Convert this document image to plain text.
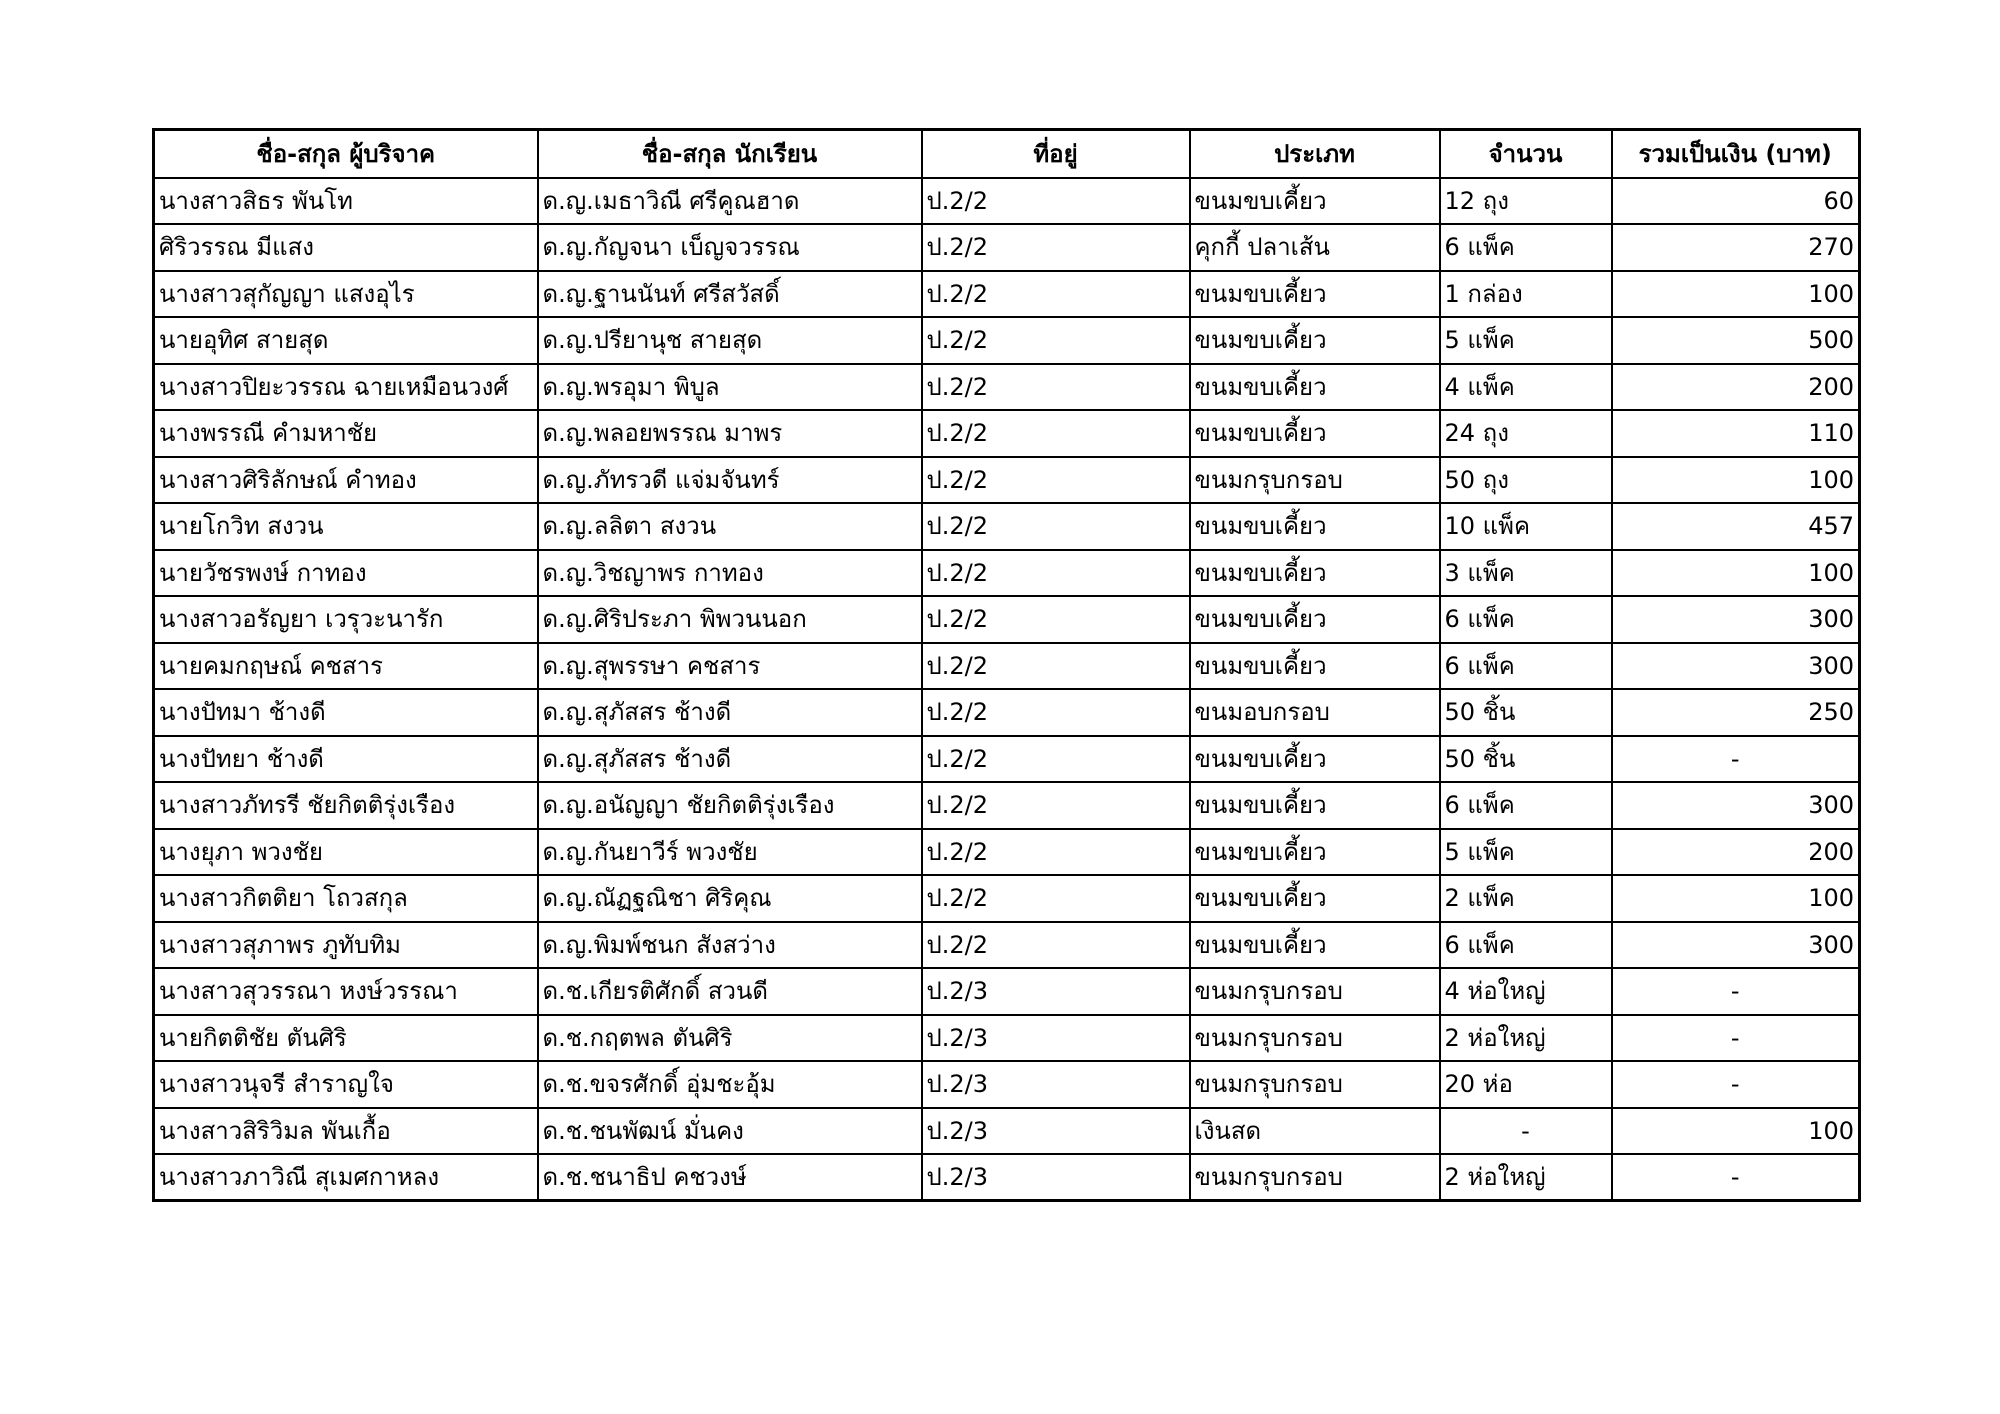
ชื่อ-สกุล ผู้บริจาค	ชื่อ-สกุล นักเรียน	ที่อยู่	ประเภท	จำนวน	รวมเป็นเงิน (บาท)
นางสาวสิธร พันโท	ด.ญ.เมธาวิณี ศรีคูณฮาด	ป.2/2	ขนมขบเคี้ยว	12 ถุง	60
ศิริวรรณ มีแสง	ด.ญ.กัญจนา เบ็ญจวรรณ	ป.2/2	คุกกี้ ปลาเส้น	6 แพ็ค	270
นางสาวสุกัญญา แสงอุไร	ด.ญ.ฐานนันท์ ศรีสวัสดิ์	ป.2/2	ขนมขบเคี้ยว	1 กล่อง	100
นายอุทิศ สายสุด	ด.ญ.ปรียานุช สายสุด	ป.2/2	ขนมขบเคี้ยว	5 แพ็ค	500
นางสาวปิยะวรรณ ฉายเหมือนวงศ์	ด.ญ.พรอุมา พิบูล	ป.2/2	ขนมขบเคี้ยว	4 แพ็ค	200
นางพรรณี คำมหาชัย	ด.ญ.พลอยพรรณ มาพร	ป.2/2	ขนมขบเคี้ยว	24 ถุง	110
นางสาวศิริลักษณ์ คำทอง	ด.ญ.ภัทรวดี แจ่มจันทร์	ป.2/2	ขนมกรุบกรอบ	50 ถุง	100
นายโกวิท สงวน	ด.ญ.ลลิตา สงวน	ป.2/2	ขนมขบเคี้ยว	10 แพ็ค	457
นายวัชรพงษ์ กาทอง	ด.ญ.วิชญาพร กาทอง	ป.2/2	ขนมขบเคี้ยว	3 แพ็ค	100
นางสาวอรัญยา เวรุวะนารัก	ด.ญ.ศิริประภา พิพวนนอก	ป.2/2	ขนมขบเคี้ยว	6 แพ็ค	300
นายคมกฤษณ์ คชสาร	ด.ญ.สุพรรษา คชสาร	ป.2/2	ขนมขบเคี้ยว	6 แพ็ค	300
นางปัทมา ช้างดี	ด.ญ.สุภัสสร ช้างดี	ป.2/2	ขนมอบกรอบ	50 ชิ้น	250
นางปัทยา ช้างดี	ด.ญ.สุภัสสร ช้างดี	ป.2/2	ขนมขบเคี้ยว	50 ชิ้น	-
นางสาวภัทรรี ชัยกิตติรุ่งเรือง	ด.ญ.อนัญญา ชัยกิตติรุ่งเรือง	ป.2/2	ขนมขบเคี้ยว	6 แพ็ค	300
นางยุภา พวงชัย	ด.ญ.กันยาวีร์ พวงชัย	ป.2/2	ขนมขบเคี้ยว	5 แพ็ค	200
นางสาวกิตติยา โถวสกุล	ด.ญ.ณัฏฐณิชา ศิริคุณ	ป.2/2	ขนมขบเคี้ยว	2 แพ็ค	100
นางสาวสุภาพร ภูทับทิม	ด.ญ.พิมพ์ชนก สังสว่าง	ป.2/2	ขนมขบเคี้ยว	6 แพ็ค	300
นางสาวสุวรรณา หงษ์วรรณา	ด.ช.เกียรติศักดิ์ สวนดี	ป.2/3	ขนมกรุบกรอบ	4 ห่อใหญ่	-
นายกิตติชัย ตันศิริ	ด.ช.กฤตพล ตันศิริ	ป.2/3	ขนมกรุบกรอบ	2 ห่อใหญ่	-
นางสาวนุจรี สำราญใจ	ด.ช.ขจรศักดิ์ อุ่มชะอุ้ม	ป.2/3	ขนมกรุบกรอบ	20 ห่อ	-
นางสาวสิริวิมล พันเกื้อ	ด.ช.ชนพัฒน์ มั่นคง	ป.2/3	เงินสด	-	100
นางสาวภาวิณี สุเมศกาหลง	ด.ช.ชนาธิป คชวงษ์	ป.2/3	ขนมกรุบกรอบ	2 ห่อใหญ่	-
